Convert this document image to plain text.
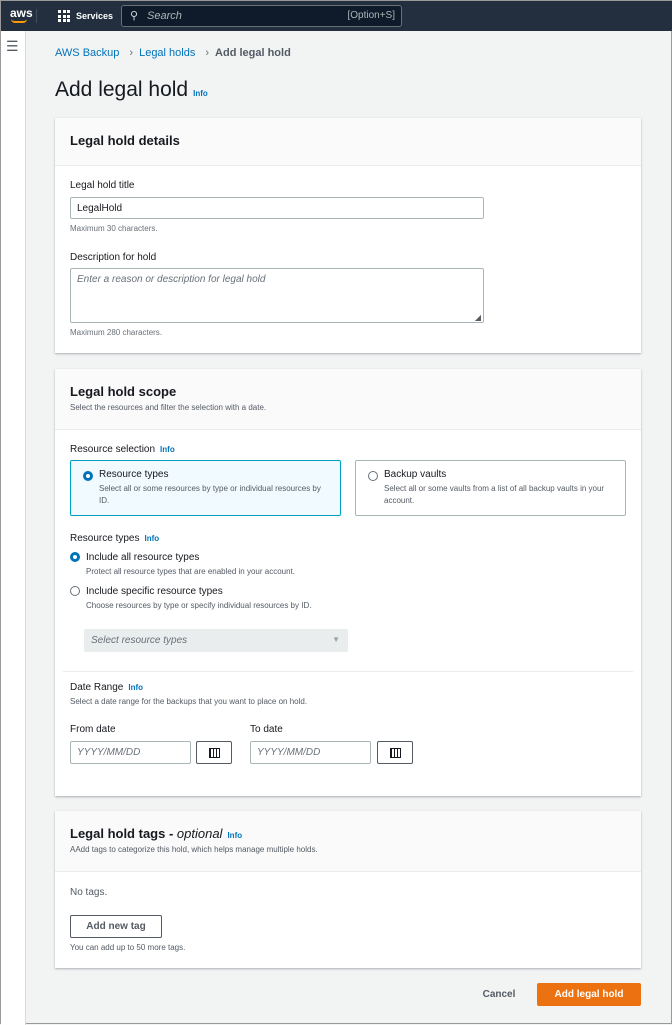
aws	Services ⚲ Search	[Option+S]
☰	AWS Backup › Legal holds › Add legal hold
Add legal hold Info
Legal hold details
Legal hold title
LegalHold
Maximum 30 characters.
Description for hold
Enter a reason or description for legal hold
◢
Maximum 280 characters.
Legal hold scope
Select the resources and filter the selection with a date.
Resource selection Info
Resource types
Select all or some resources by type or individual resources by ID.
Backup vaults
Select all or some vaults from a list of all backup vaults in your account.
Resource types Info
Include all resource types
Protect all resource types that are enabled in your account.
Include specific resource types
Choose resources by type or specify individual resources by ID.
Select resource types	▼
Date Range Info
Select a date range for the backups that you want to place on hold.
From date
YYYY/MM/DD
To date
YYYY/MM/DD
Legal hold tags - optional Info
AAdd tags to categorize this hold, which helps manage multiple holds.
No tags.
Add new tag
You can add up to 50 more tags.
Cancel	Add legal hold
